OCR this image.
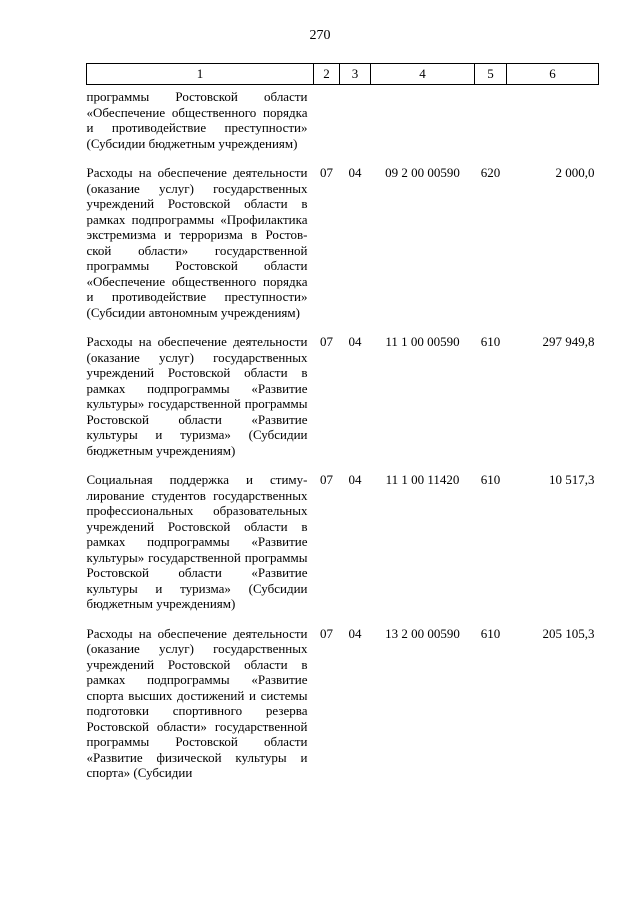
270
1	2	3	4	5	6
программы Ростовской области «Обеспечение общественного порядка и противодействие преступности» (Субсидии бюджетным учреждениям)					
Расходы на обеспечение деятельности (оказание услуг) государственных учреждений Ростовской области в рамках подпрограммы «Профилактика экстремизма и терроризма в Ростовской области» государственной программы Ростовской области «Обеспечение общественного порядка и противодействие преступности» (Субсидии автономным учреждениям)	07	04	09 2 00 00590	620	2 000,0
Расходы на обеспечение деятельности (оказание услуг) государственных учреждений Ростовской области в рамках подпрограммы «Развитие культуры» государственной программы Ростовской области «Развитие культуры и туризма» (Субсидии бюджетным учреждениям)	07	04	11 1 00 00590	610	297 949,8
Социальная поддержка и стимулирование студентов государственных профессиональных образовательных учреждений Ростовской области в рамках подпрограммы «Развитие культуры» государственной программы Ростовской области «Развитие культуры и туризма» (Субсидии бюджетным учреждениям)	07	04	11 1 00 11420	610	10 517,3
Расходы на обеспечение деятельности (оказание услуг) государственных учреждений Ростовской области в рамках подпрограммы «Развитие спорта высших достижений и системы подготовки спортивного резерва Ростовской области» государственной программы Ростовской области «Развитие физической культуры и спорта» (Субсидии	07	04	13 2 00 00590	610	205 105,3
